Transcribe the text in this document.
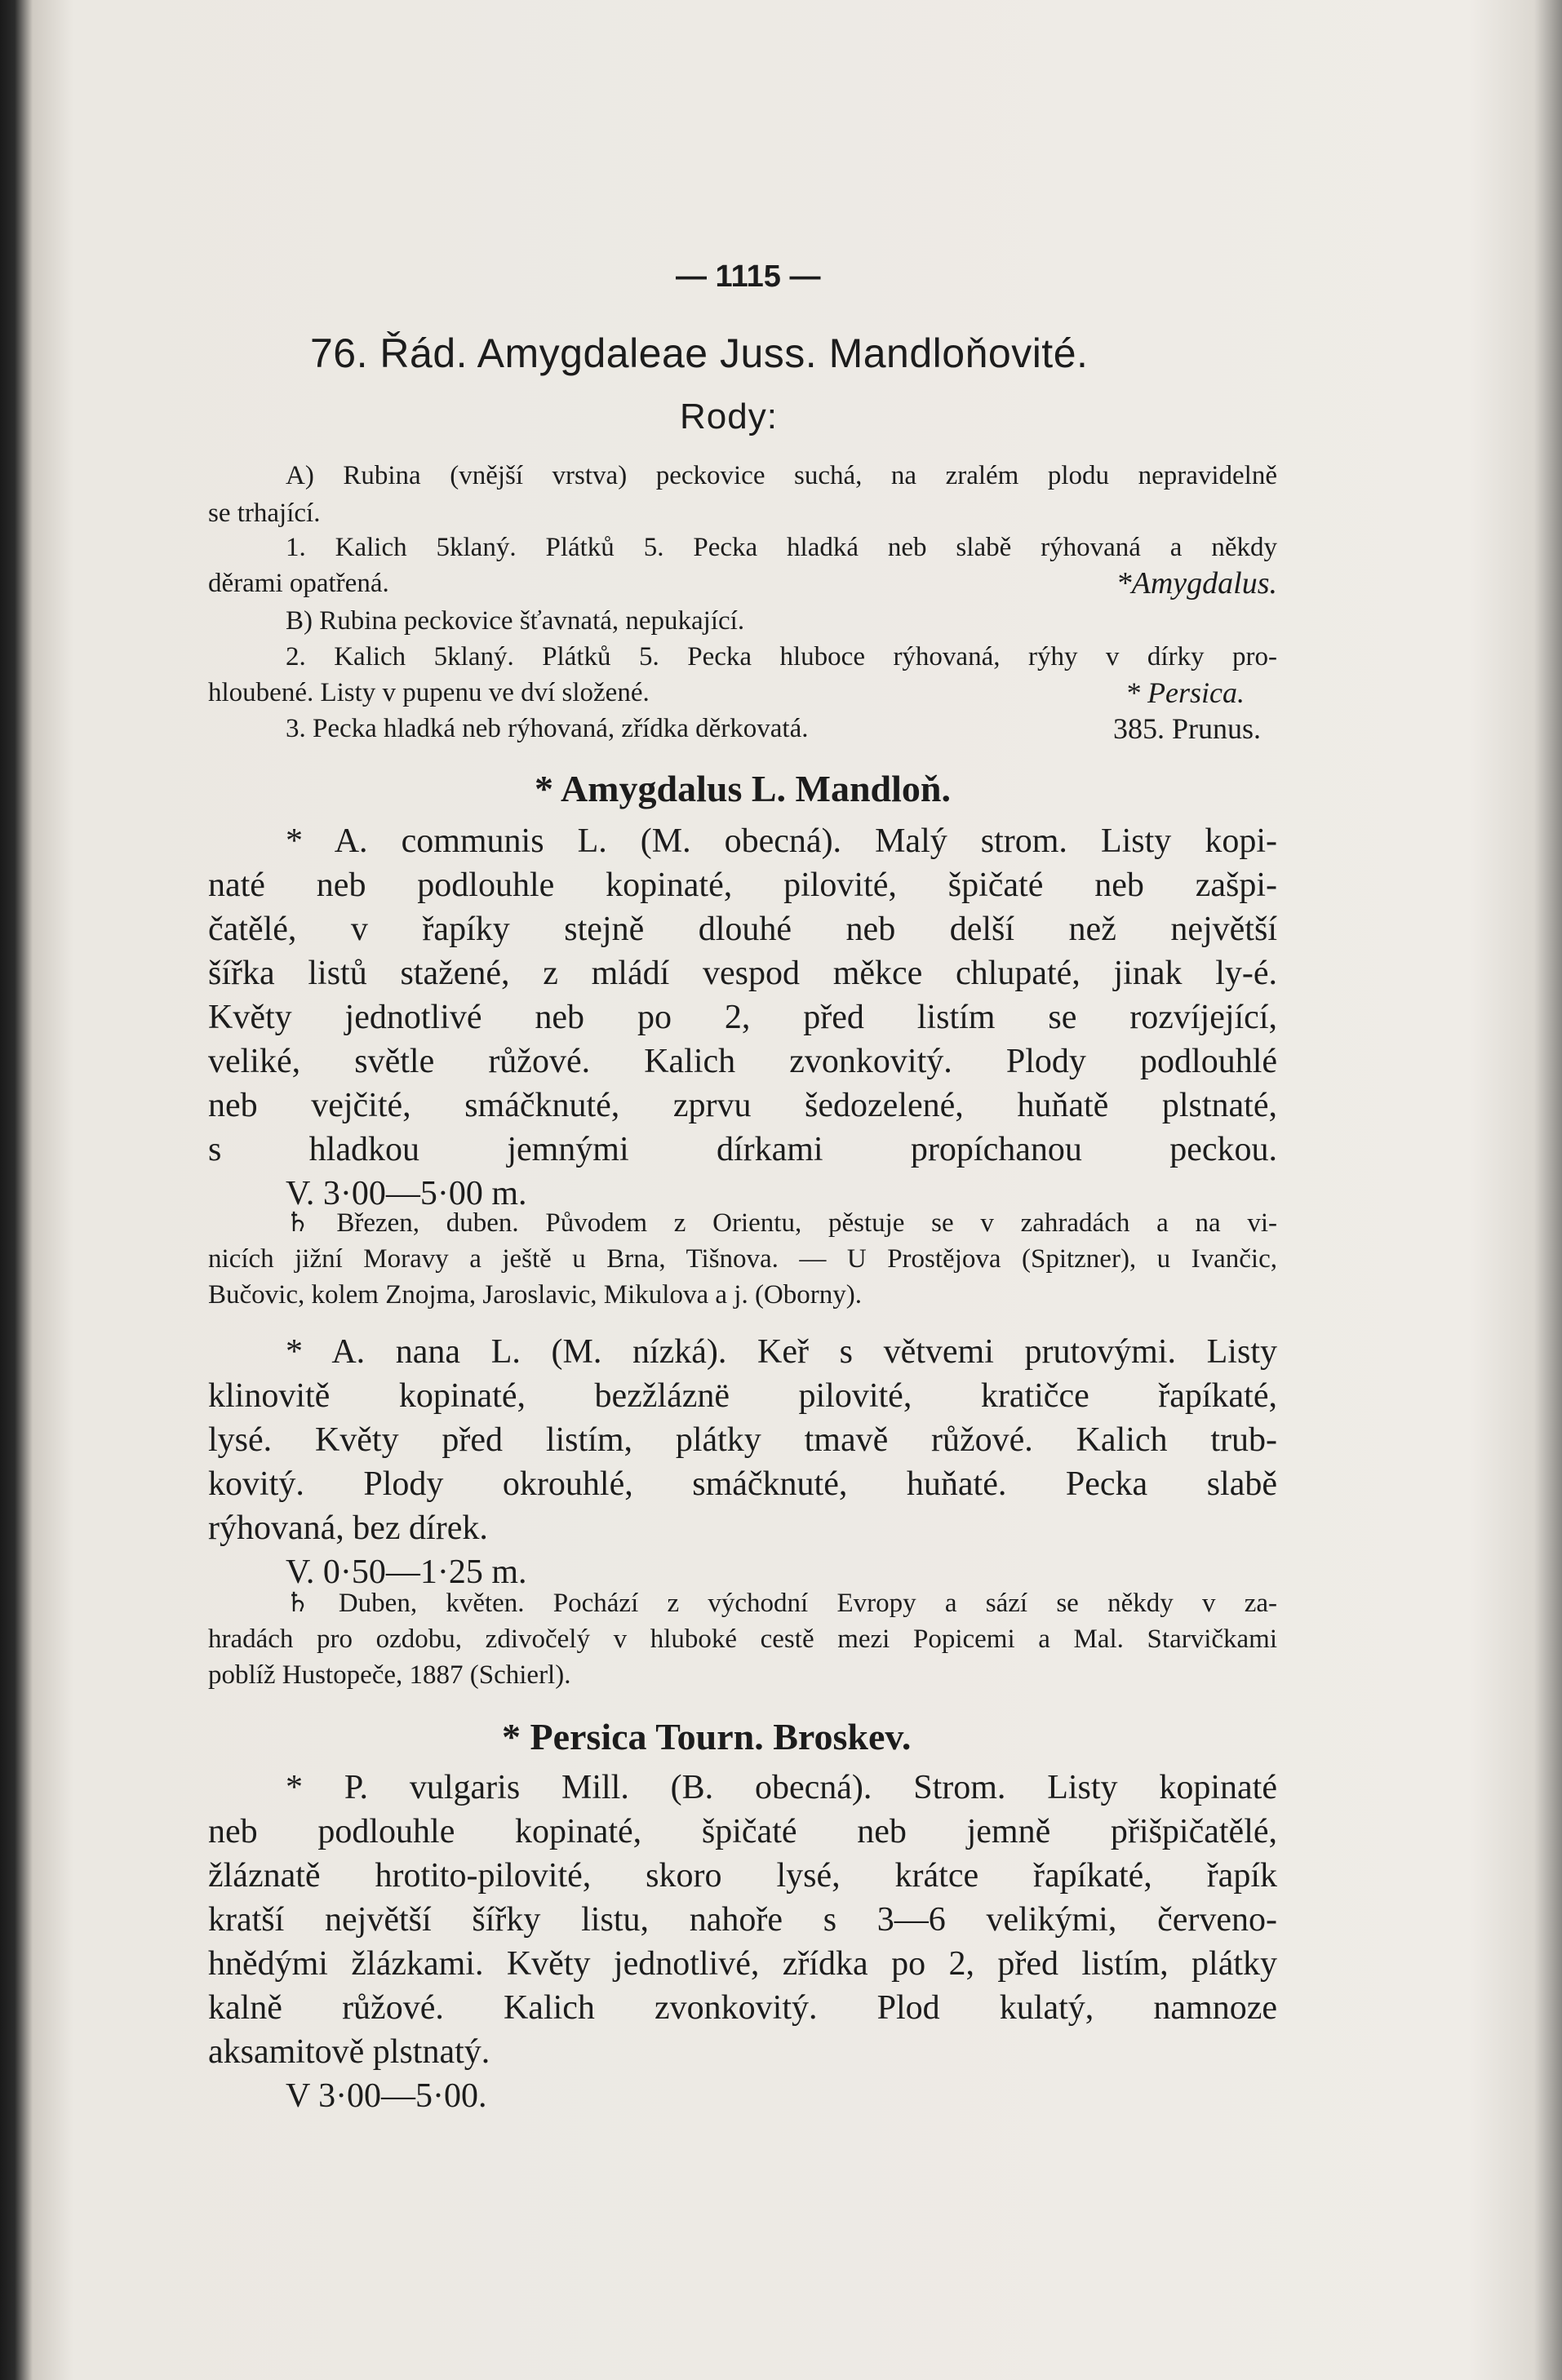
— 1115 —
76. Řád. Amygdaleae Juss. Mandloňovité.
Rody:
A) Rubina (vnější vrstva) peckovice suchá, na zralém plodu nepravidelně
se trhající.
1. Kalich 5klaný. Plátků 5. Pecka hladká neb slabě rýhovaná a někdy
děrami opatřená.	*Amygdalus.
B) Rubina peckovice šťavnatá, nepukající.
2. Kalich 5klaný. Plátků 5. Pecka hluboce rýhovaná, rýhy v dírky pro-
hloubené. Listy v pupenu ve dví složené.	* Persica.
3. Pecka hladká neb rýhovaná, zřídka děrkovatá.	385. Prunus.
* Amygdalus L. Mandloň.
* A. communis L. (M. obecná). Malý strom. Listy kopi-
naté neb podlouhle kopinaté, pilovité, špičaté neb zašpi-
čatělé, v řapíky stejně dlouhé neb delší než největší
šířka listů stažené, z mládí vespod měkce chlupaté, jinak ly-é.
Květy jednotlivé neb po 2, před listím se rozvíjející,
veliké, světle růžové. Kalich zvonkovitý. Plody podlouhlé
neb vejčité, smáčknuté, zprvu šedozelené, huňatě plstnaté,
s hladkou jemnými dírkami propíchanou peckou.
V. 3·00—5·00 m.
♄ Březen, duben. Původem z Orientu, pěstuje se v zahradách a na vi-
nicích jižní Moravy a ještě u Brna, Tišnova. — U Prostějova (Spitzner), u Ivančic,
Bučovic, kolem Znojma, Jaroslavic, Mikulova a j. (Oborny).
* A. nana L. (M. nízká). Keř s větvemi prutovými. Listy
klinovitě kopinaté, bezžláznë pilovité, kratičce řapíkaté,
lysé. Květy před listím, plátky tmavě růžové. Kalich trub-
kovitý. Plody okrouhlé, smáčknuté, huňaté. Pecka slabě
rýhovaná, bez dírek.
V. 0·50—1·25 m.
♄ Duben, květen. Pochází z východní Evropy a sází se někdy v za-
hradách pro ozdobu, zdivočelý v hluboké cestě mezi Popicemi a Mal. Starvičkami
poblíž Hustopeče, 1887 (Schierl).
* Persica Tourn. Broskev.
* P. vulgaris Mill. (B. obecná). Strom. Listy kopinaté
neb podlouhle kopinaté, špičaté neb jemně přišpičatělé,
žláznatě hrotito-pilovité, skoro lysé, krátce řapíkaté, řapík
kratší největší šířky listu, nahoře s 3—6 velikými, červeno-
hnědými žlázkami. Květy jednotlivé, zřídka po 2, před listím, plátky
kalně růžové. Kalich zvonkovitý. Plod kulatý, namnoze
aksamitově plstnatý.
V 3·00—5·00.
